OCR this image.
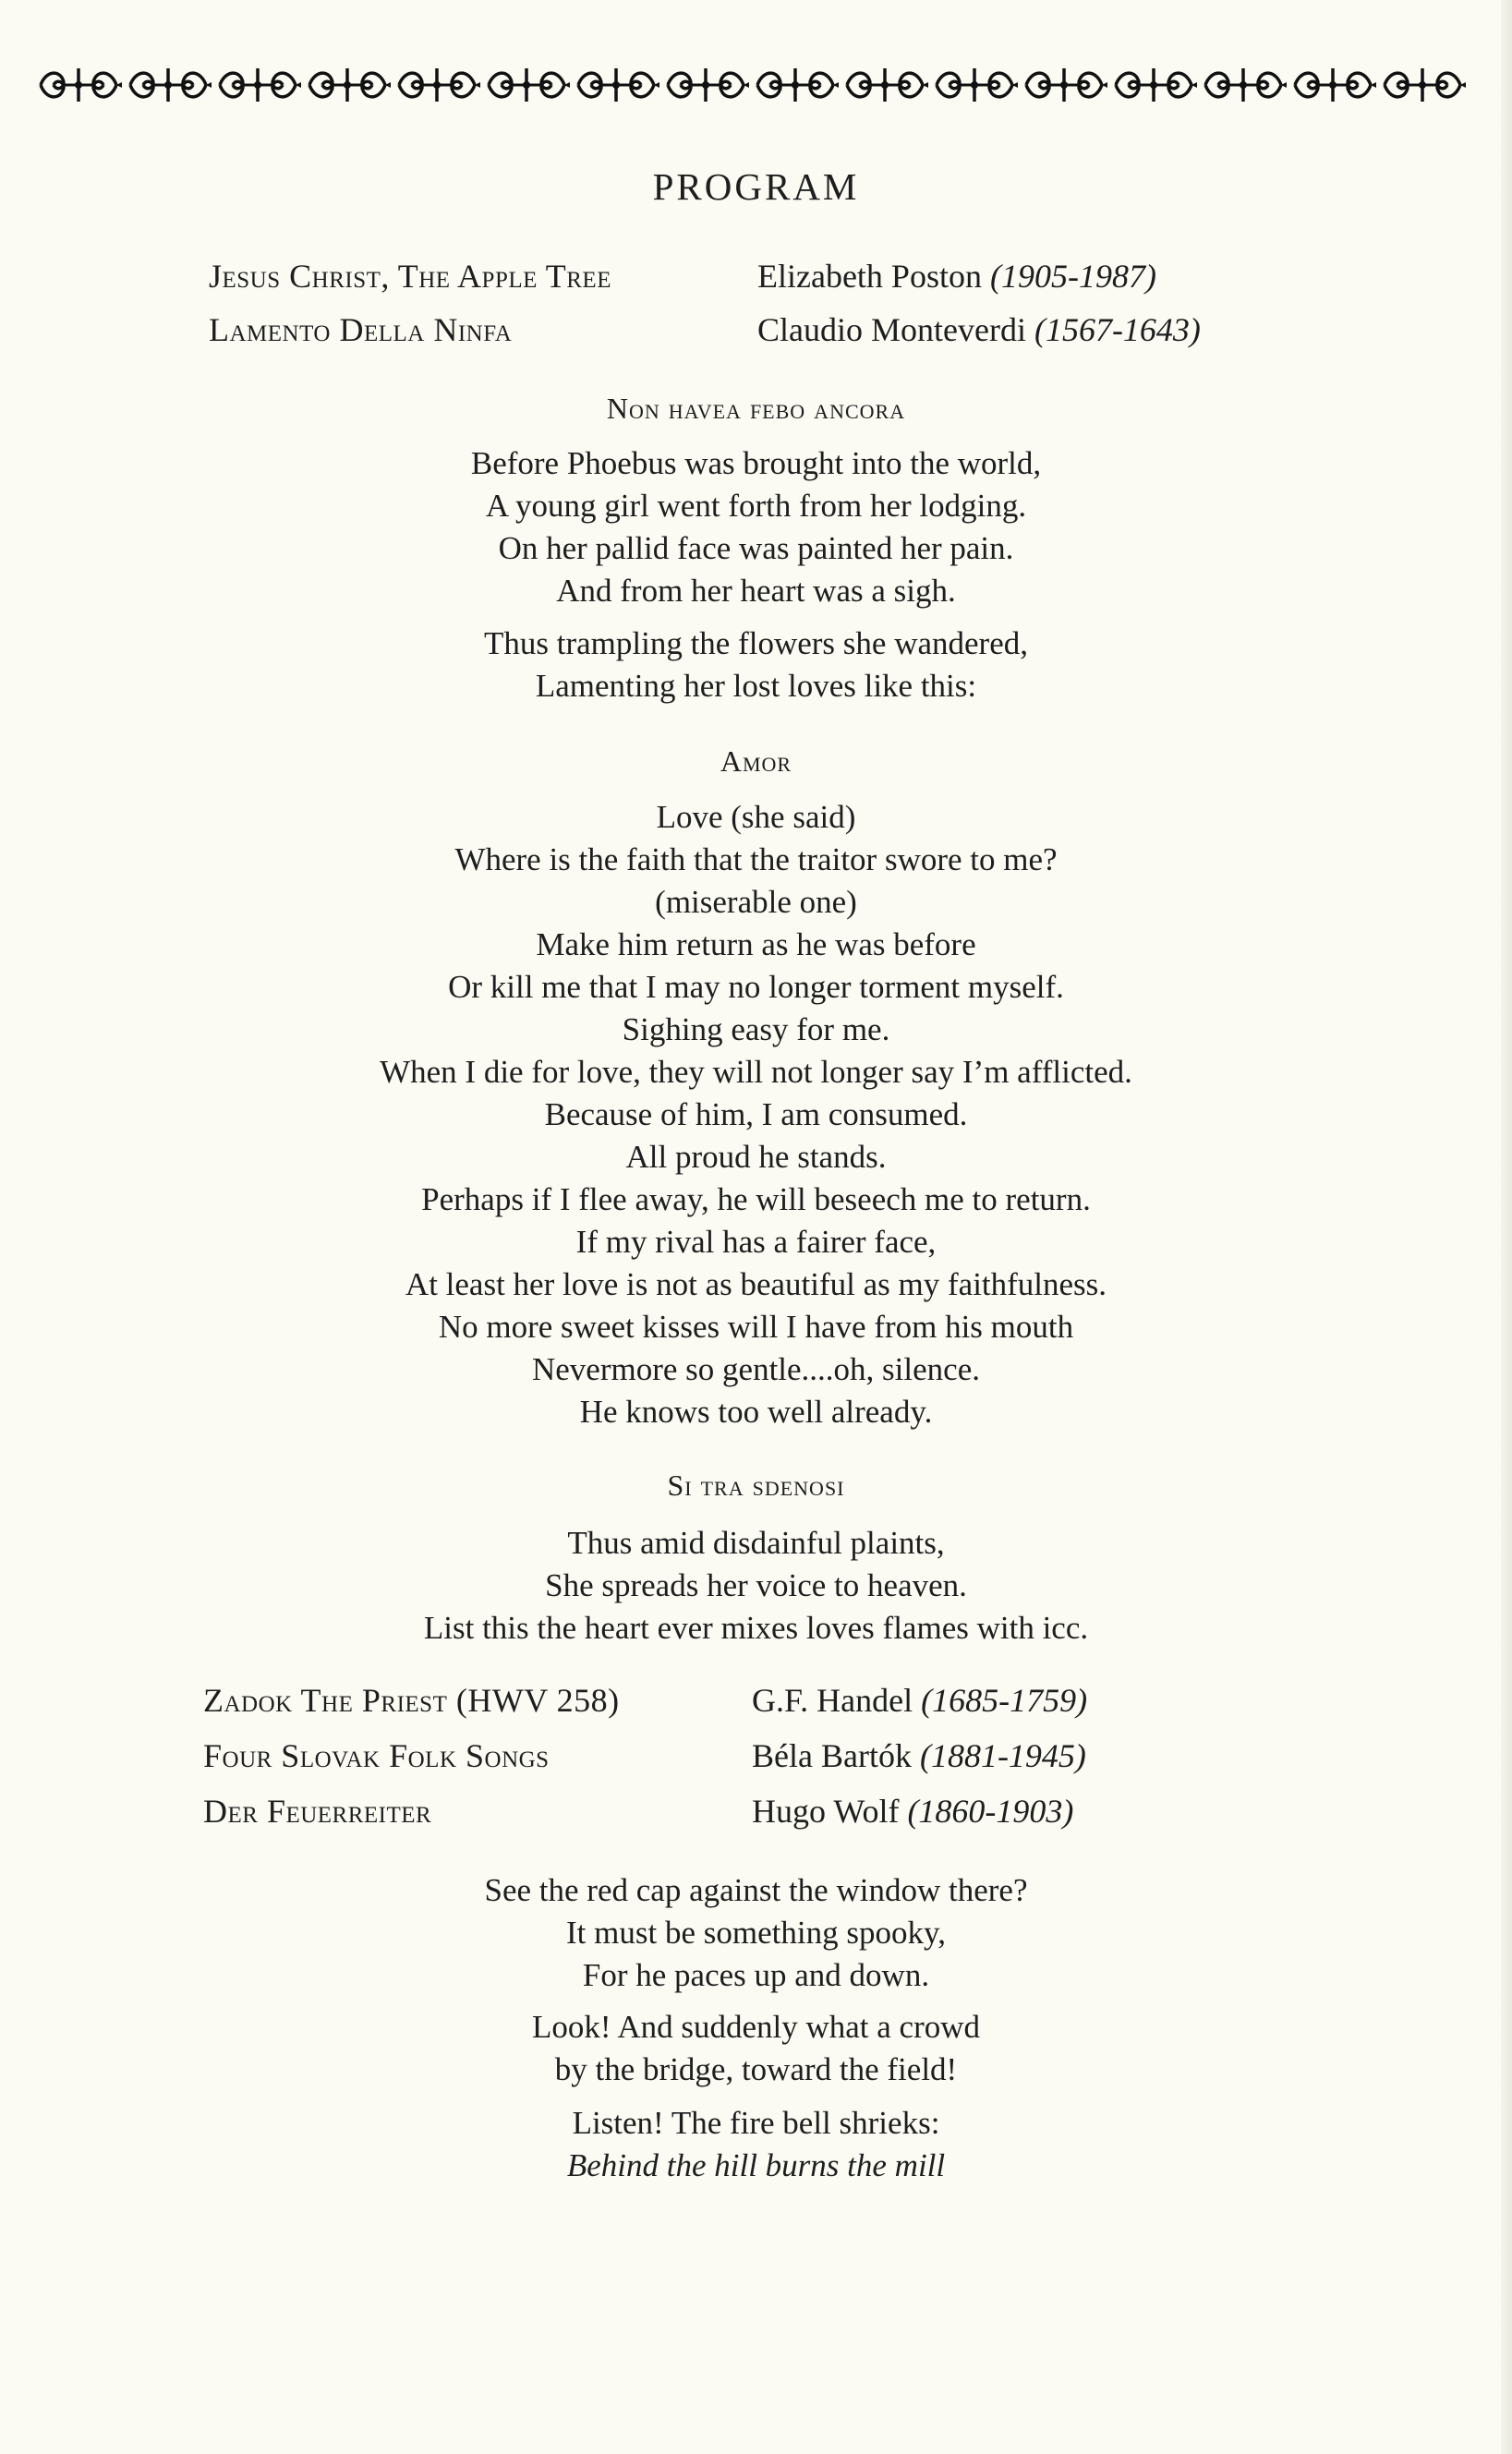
PROGRAM
Jesus Christ, The Apple Tree	Elizabeth Poston (1905-1987)
Lamento Della Ninfa	Claudio Monteverdi (1567-1643)
Non havea febo ancora
Before Phoebus was brought into the world,
A young girl went forth from her lodging.
On her pallid face was painted her pain.
And from her heart was a sigh.
Thus trampling the flowers she wandered,
Lamenting her lost loves like this:
Amor
Love (she said)
Where is the faith that the traitor swore to me?
(miserable one)
Make him return as he was before
Or kill me that I may no longer torment myself.
Sighing easy for me.
When I die for love, they will not longer say I’m afflicted.
Because of him, I am consumed.
All proud he stands.
Perhaps if I flee away, he will beseech me to return.
If my rival has a fairer face,
At least her love is not as beautiful as my faithfulness.
No more sweet kisses will I have from his mouth
Nevermore so gentle....oh, silence.
He knows too well already.
Si tra sdenosi
Thus amid disdainful plaints,
She spreads her voice to heaven.
List this the heart ever mixes loves flames with icc.
Zadok The Priest (HWV 258)	G.F. Handel (1685-1759)
Four Slovak Folk Songs	Béla Bartók (1881-1945)
Der Feuerreiter	Hugo Wolf (1860-1903)
See the red cap against the window there?
It must be something spooky,
For he paces up and down.
Look! And suddenly what a crowd
by the bridge, toward the field!
Listen! The fire bell shrieks:
Behind the hill burns the mill
